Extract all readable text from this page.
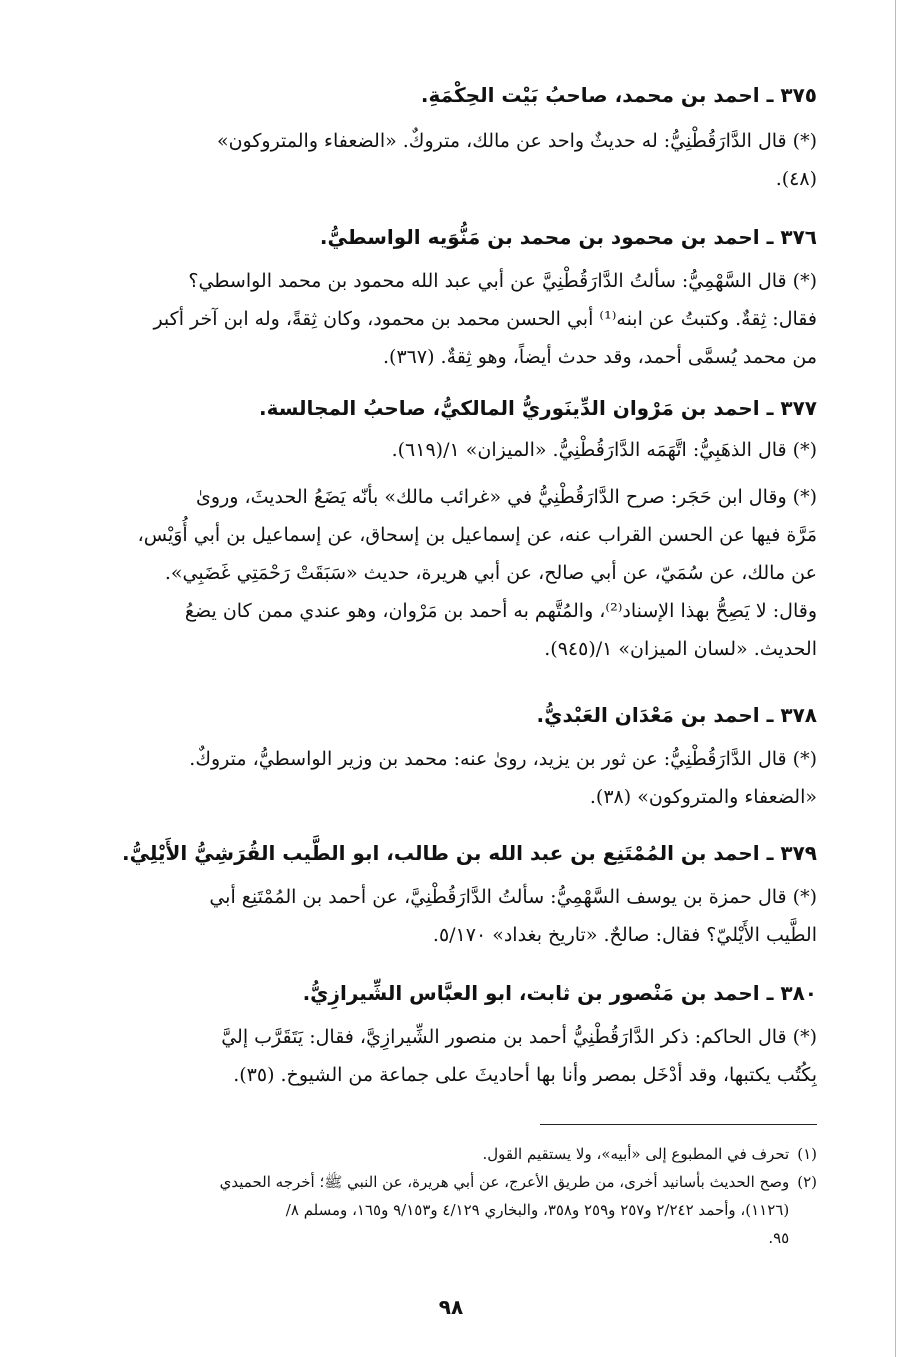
٣٧٥ ـ احمد بن محمد، صاحبُ بَيْت الحِكْمَةِ.

(*) قال الدَّارَقُطْنِيُّ: له حديثٌ واحد عن مالك، متروكٌ. «الضعفاء والمتروكون»
(٤٨).

٣٧٦ ـ احمد بن محمود بن محمد بن مَنُّوَيه الواسطيُّ.

(*) قال السَّهْمِيُّ: سألتُ الدَّارَقُطْنِيَّ عن أبي عبد الله محمود بن محمد الواسطي؟
فقال: ثِقةٌ. وكتبتُ عن ابنه⁽¹⁾ أبي الحسن محمد بن محمود، وكان ثِقةً، وله ابن آخر أكبر
من محمد يُسمَّى أحمد، وقد حدث أيضاً، وهو ثِقةٌ. (٣٦٧).

٣٧٧ ـ احمد بن مَرْوان الدِّينَوريُّ المالكيُّ، صاحبُ المجالسة.

(*) قال الذهَبِيُّ: اتَّهَمَه الدَّارَقُطْنِيُّ. «الميزان» ١/(٦١٩).
(*) وقال ابن حَجَر: صرح الدَّارَقُطْنِيُّ في «غرائب مالك» بأنّه يَضَعُ الحديثَ، وروىٰ
مَرَّة فيها عن الحسن القراب عنه، عن إسماعيل بن إسحاق، عن إسماعيل بن أبي أُوَيْس،
عن مالك، عن سُمَيّ، عن أبي صالح، عن أبي هريرة، حديث «سَبَقَتْ رَحْمَتِي غَضَبِي».
وقال: لا يَصِحُّ بهذا الإسناد⁽²⁾، والمُتَّهم به أحمد بن مَرْوان، وهو عندي ممن كان يضعُ
الحديث. «لسان الميزان» ١/(٩٤٥).

٣٧٨ ـ احمد بن مَعْدَان العَبْديُّ.

(*) قال الدَّارَقُطْنِيُّ: عن ثور بن يزيد، روىٰ عنه: محمد بن وزير الواسطيُّ، متروكٌ.
«الضعفاء والمتروكون» (٣٨).

٣٧٩ ـ احمد بن المُمْتَنِع بن عبد الله بن طالب، ابو الطَّيب القُرَشِيُّ الأَيْلِيُّ.

(*) قال حمزة بن يوسف السَّهْمِيُّ: سألتُ الدَّارَقُطْنِيَّ، عن أحمد بن المُمْتَنِع أبي
الطَّيب الأَيْليّ؟ فقال: صالحٌ. «تاريخ بغداد» ٥/١٧٠.

٣٨٠ ـ احمد بن مَنْصور بن ثابت، ابو العبَّاس الشِّيرازِيُّ.

(*) قال الحاكم: ذكر الدَّارَقُطْنِيُّ أحمد بن منصور الشِّيرازِيَّ، فقال: يَتَقَرَّب إليَّ
بِكُتُب يكتبها، وقد أدْخَل بمصر وأنا بها أحاديثَ على جماعة من الشيوخ. (٣٥).
(١)
تحرف في المطبوع إلى «أبيه»، ولا يستقيم القول.
(٢)
وصح الحديث بأسانيد أخرى، من طريق الأعرج، عن أبي هريرة، عن النبي ﷺ؛ أخرجه الحميدي
(١١٢٦)، وأحمد ٢/٢٤٢ و٢٥٧ و٢٥٩ و٣٥٨، والبخاري ٤/١٢٩ و٩/١٥٣ و١٦٥، ومسلم ٨/
٩٥.
٩٨
